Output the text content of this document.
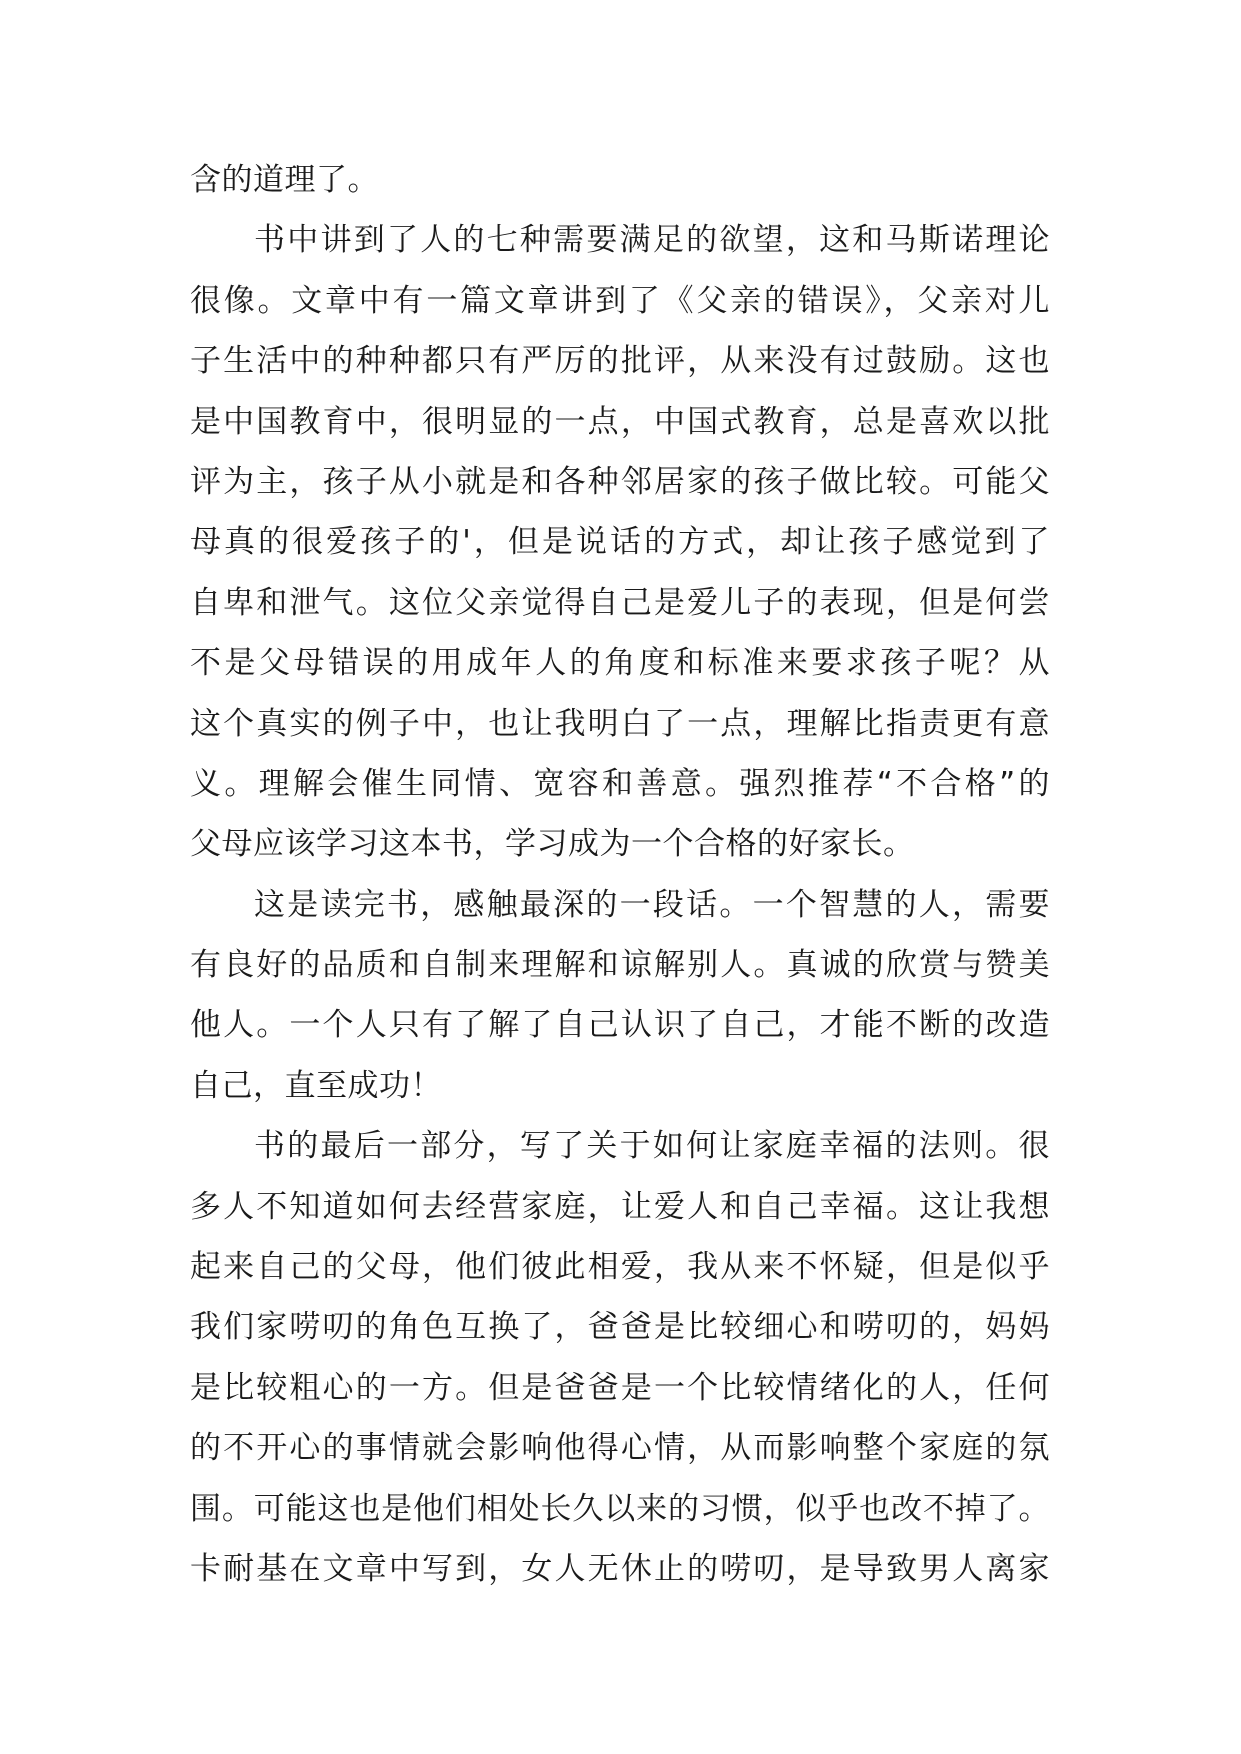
含的道理了。
书中讲到了人的七种需要满足的欲望，这和马斯诺理论
很像。文章中有一篇文章讲到了《父亲的错误》，父亲对儿
子生活中的种种都只有严厉的批评，从来没有过鼓励。这也
是中国教育中，很明显的一点，中国式教育，总是喜欢以批
评为主，孩子从小就是和各种邻居家的孩子做比较。可能父
母真的很爱孩子的'，但是说话的方式，却让孩子感觉到了
自卑和泄气。这位父亲觉得自己是爱儿子的表现，但是何尝
不是父母错误的用成年人的角度和标准来要求孩子呢？从
这个真实的例子中，也让我明白了一点，理解比指责更有意
义。理解会催生同情、宽容和善意。强烈推荐“不合格”的
父母应该学习这本书，学习成为一个合格的好家长。
这是读完书，感触最深的一段话。一个智慧的人，需要
有良好的品质和自制来理解和谅解别人。真诚的欣赏与赞美
他人。一个人只有了解了自己认识了自己，才能不断的改造
自己，直至成功！
书的最后一部分，写了关于如何让家庭幸福的法则。很
多人不知道如何去经营家庭，让爱人和自己幸福。这让我想
起来自己的父母，他们彼此相爱，我从来不怀疑，但是似乎
我们家唠叨的角色互换了，爸爸是比较细心和唠叨的，妈妈
是比较粗心的一方。但是爸爸是一个比较情绪化的人，任何
的不开心的事情就会影响他得心情，从而影响整个家庭的氛
围。可能这也是他们相处长久以来的习惯，似乎也改不掉了。
卡耐基在文章中写到，女人无休止的唠叨，是导致男人离家
